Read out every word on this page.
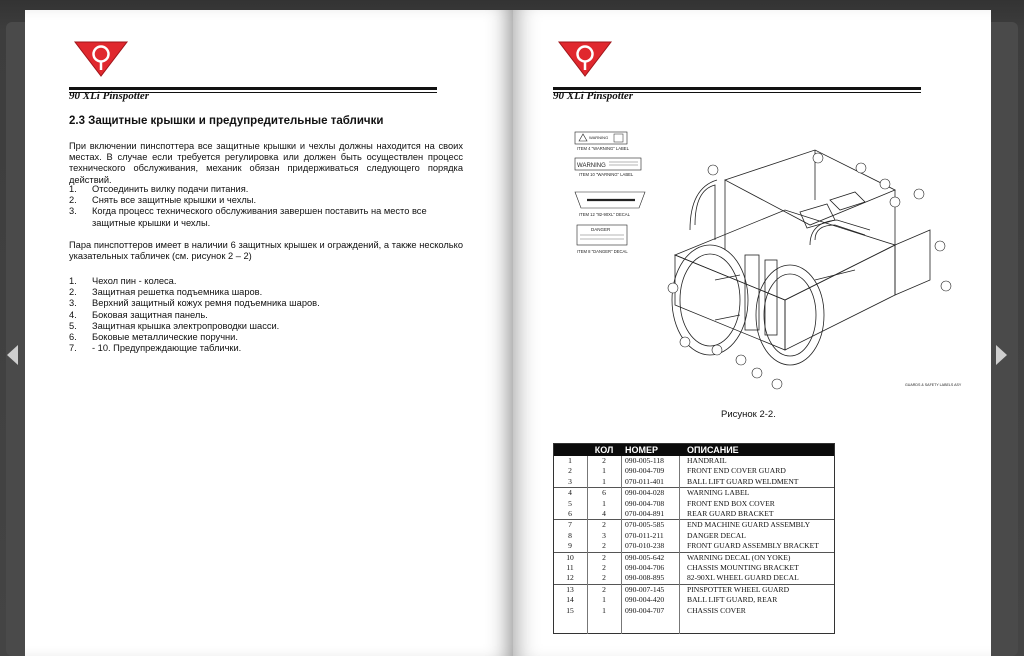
90 XLi Pinspotter
2.3 Защитные крышки и предупредительные таблички
При включении пинспоттера все защитные крышки и чехлы должны находится на своих местах. В случае если требуется регулировка или должен быть осуществлен процесс технического обслуживания, механик обязан придерживаться следующего порядка действий.
1.	Отсоединить вилку подачи питания.
2.	Снять все защитные крышки и чехлы.
3.	Когда процесс технического обслуживания завершен поставить на место все защитные крышки и чехлы.
Пара пинспоттеров имеет в наличии 6 защитных крышек и ограждений, а также несколько указательных табличек (см. рисунок 2 – 2)
1.	Чехол пин - колеса.
2.	Защитная решетка подъемника шаров.
3.	Верхний защитный кожух ремня подъемника шаров.
4.	Боковая защитная панель.
5.	Защитная крышка электропроводки шасси.
6.	Боковые металлические поручни.
7.	- 10. Предупреждающие таблички.
90 XLi Pinspotter
WARNING
ITEM 4 "WARNING" LABEL
WARNING
ITEM 10 "WARNING" LABEL
ITEM 12 "82-90XL" DECAL
DANGER
ITEM 8 "DANGER" DECAL
GUARDS & SAFETY LABELS ASY
Рисунок 2-2.
	КОЛ	НОМЕР	ОПИСАНИЕ
1	2	090-005-118	HANDRAIL
2	1	090-004-709	FRONT END COVER GUARD
3	1	070-011-401	BALL LIFT GUARD WELDMENT
4	6	090-004-028	WARNING LABEL
5	1	090-004-708	FRONT END BOX COVER
6	4	070-004-891	REAR GUARD BRACKET
7	2	070-005-585	END MACHINE GUARD ASSEMBLY
8	3	070-011-211	DANGER DECAL
9	2	070-010-238	FRONT GUARD ASSEMBLY BRACKET
10	2	090-005-642	WARNING DECAL (ON YOKE)
11	2	090-004-706	CHASSIS MOUNTING BRACKET
12	2	090-008-895	82-90XL WHEEL GUARD DECAL
13	2	090-007-145	PINSPOTTER WHEEL GUARD
14	1	090-004-420	BALL LIFT GUARD, REAR
15	1	090-004-707	CHASSIS COVER
